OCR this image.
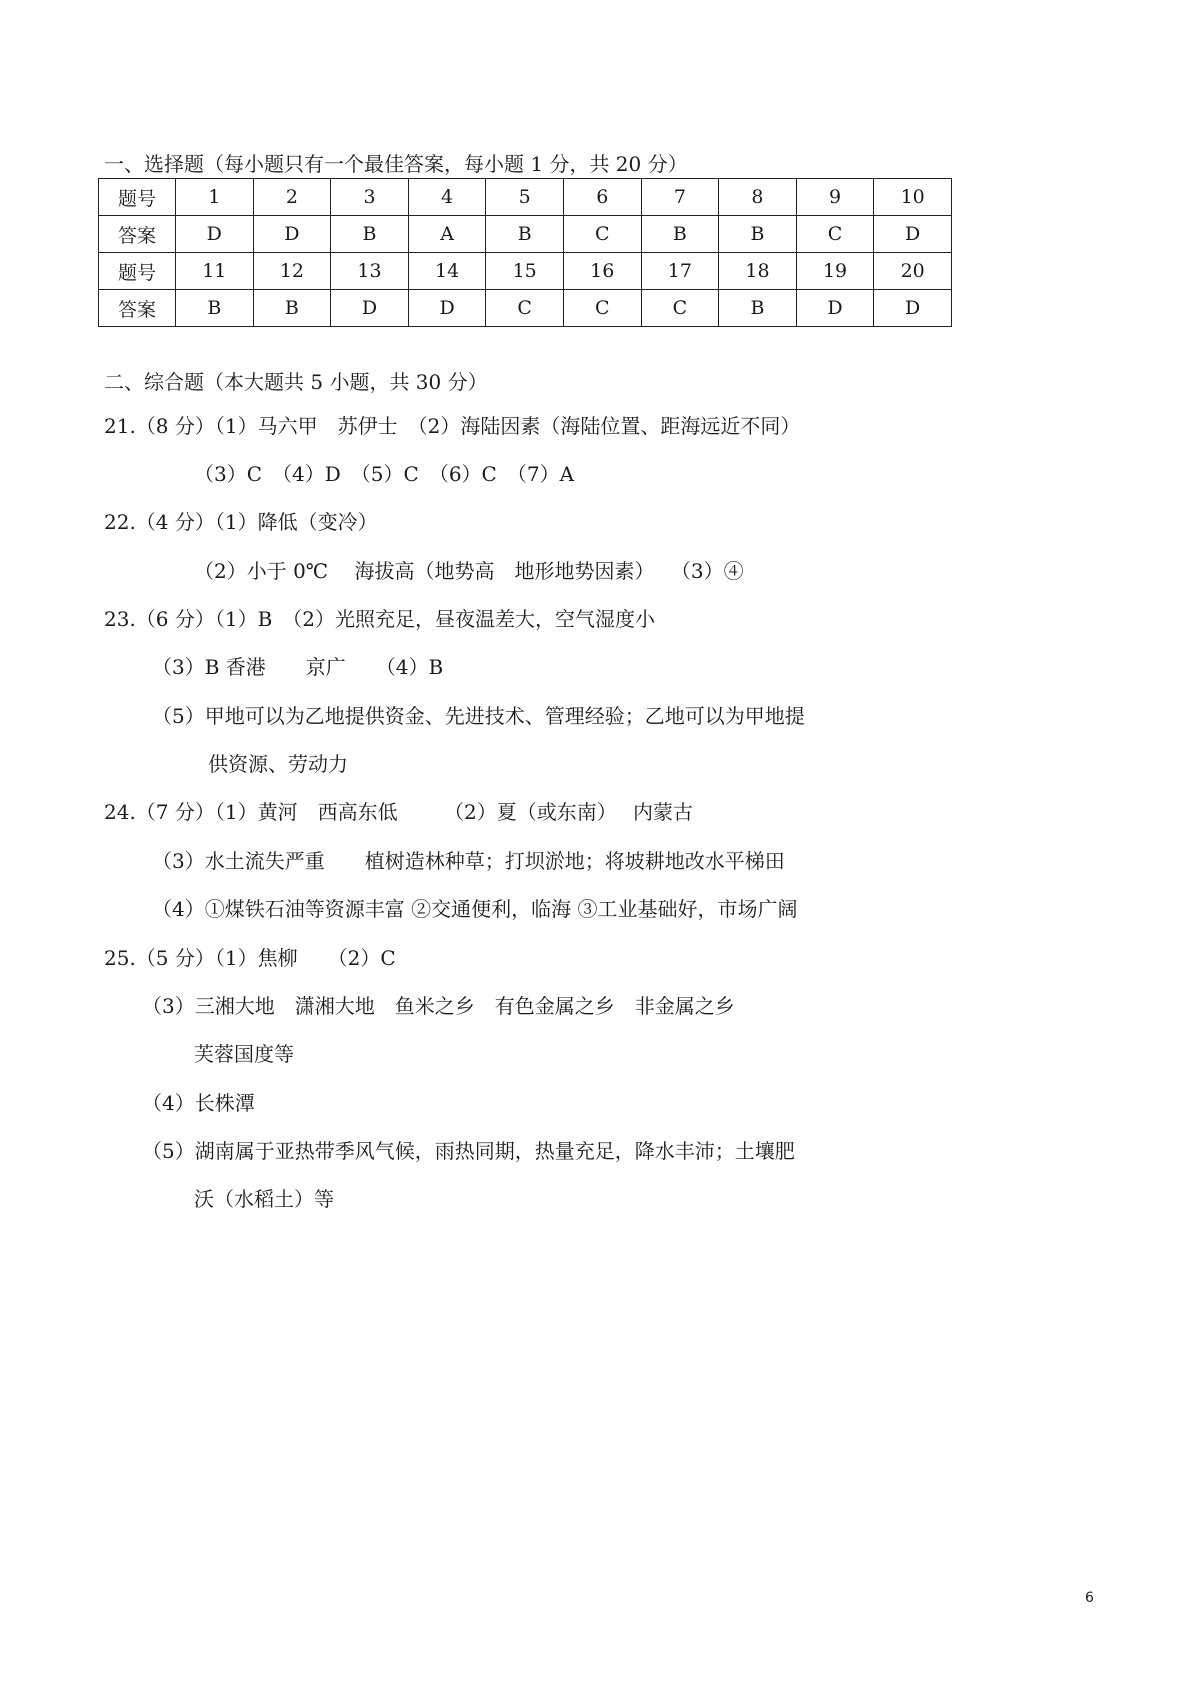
一、选择题（每小题只有一个最佳答案，每小题 1 分，共 20 分）
题号	1	2	3	4	5	6	7	8	9	10
答案	D	D	B	A	B	C	B	B	C	D
题号	11	12	13	14	15	16	17	18	19	20
答案	B	B	D	D	C	C	C	B	D	D
二、综合题（本大题共 5 小题，共 30 分）
21.（8 分）（1）马六甲　苏伊士　（2）海陆因素（海陆位置、距海远近不同）
（3）C　（4）D　（5）C　（6）C　（7）A
22.（4 分）（1）降低（变冷）
（2）小于 0℃　 海拔高（地势高　地形地势因素）　 （3）④
23.（6 分）（1）B　（2）光照充足，昼夜温差大，空气湿度小
（3）B 香港　　京广　　（4）B
（5）甲地可以为乙地提供资金、先进技术、管理经验；乙地可以为甲地提
供资源、劳动力
24.（7 分）（1）黄河　西高东低　　 （2）夏（或东南）　 内蒙古
（3）水土流失严重　　植树造林种草；打坝淤地；将坡耕地改水平梯田
（4）①煤铁石油等资源丰富 ②交通便利，临海 ③工业基础好，市场广阔
25.（5 分）（1）焦柳　　（2）C
（3）三湘大地　潇湘大地　鱼米之乡　有色金属之乡　非金属之乡
芙蓉国度等
（4）长株潭
（5）湖南属于亚热带季风气候，雨热同期，热量充足，降水丰沛；土壤肥
沃（水稻土）等
6
